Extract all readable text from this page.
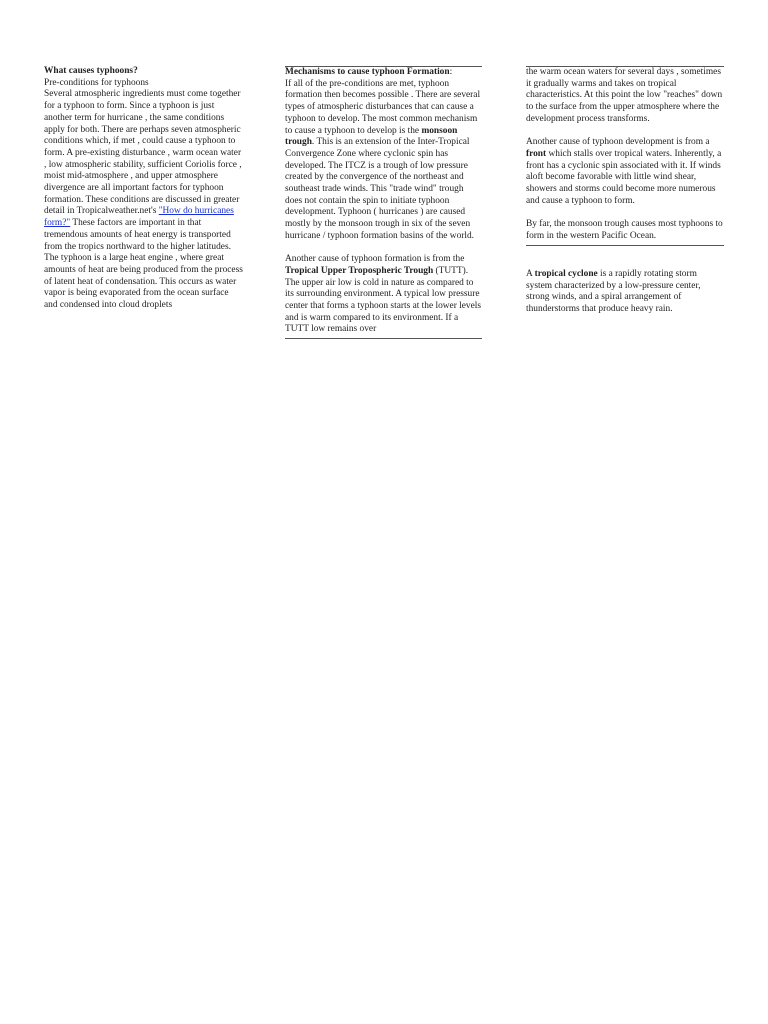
What causes typhoons?

Pre-conditions for typhoons

Several atmospheric ingredients must come together for a typhoon to form. Since a typhoon is just another term for hurricane , the same conditions apply for both. There are perhaps seven atmospheric conditions which, if met , could cause a typhoon to form. A pre-existing disturbance , warm ocean water , low atmospheric stability, sufficient Coriolis force , moist mid-atmosphere , and upper atmosphere divergence are all important factors for typhoon formation. These conditions are discussed in greater detail in Tropicalweather.net's "How do hurricanes form?" These factors are important in that tremendous amounts of heat energy is transported from the tropics northward to the higher latitudes. The typhoon is a large heat engine , where great amounts of heat are being produced from the process of latent heat of condensation. This occurs as water vapor is being evaporated from the ocean surface and condensed into cloud droplets

Mechanisms to cause typhoon Formation:

If all of the pre-conditions are met, typhoon formation then becomes possible . There are several types of atmospheric disturbances that can cause a typhoon to develop. The most common mechanism to cause a typhoon to develop is the monsoon trough. This is an extension of the Inter-Tropical Convergence Zone where cyclonic spin has developed. The ITCZ is a trough of low pressure created by the convergence of the northeast and southeast trade winds. This "trade wind" trough does not contain the spin to initiate typhoon development. Typhoon ( hurricanes ) are caused mostly by the monsoon trough in six of the seven hurricane / typhoon formation basins of the world.

Another cause of typhoon formation is from the Tropical Upper Tropospheric Trough (TUTT). The upper air low is cold in nature as compared to its surrounding environment. A typical low pressure center that forms a typhoon starts at the lower levels and is warm compared to its environment. If a TUTT low remains over

the warm ocean waters for several days , sometimes it gradually warms and takes on tropical characteristics. At this point the low "reaches" down to the surface from the upper atmosphere where the development process transforms.

Another cause of typhoon development is from a front which stalls over tropical waters. Inherently, a front has a cyclonic spin associated with it. If winds aloft become favorable with little wind shear, showers and storms could become more numerous and cause a typhoon to form.

By far, the monsoon trough causes most typhoons to form in the western Pacific Ocean.

A tropical cyclone is a rapidly rotating storm system characterized by a low-pressure center, strong winds, and a spiral arrangement of thunderstorms that produce heavy rain.
